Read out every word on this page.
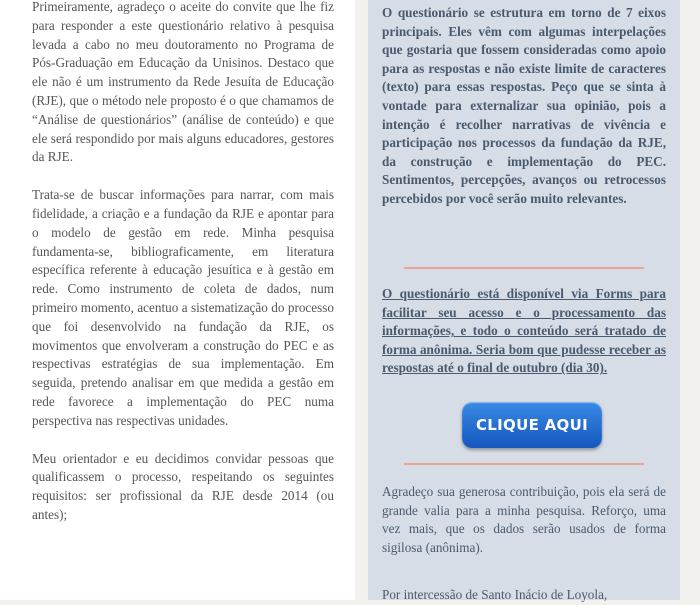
Primeiramente, agradeço o aceite do convite que lhe fiz para responder a este questionário relativo à pesquisa levada a cabo no meu doutoramento no Programa de Pós-Graduação em Educação da Unisinos. Destaco que ele não é um instrumento da Rede Jesuíta de Educação (RJE), que o método nele proposto é o que chamamos de “Análise de questionários” (análise de conteúdo) e que ele será respondido por mais alguns educadores, gestores da RJE.

Trata-se de buscar informações para narrar, com mais fidelidade, a criação e a fundação da RJE e apontar para o modelo de gestão em rede. Minha pesquisa fundamenta-se, bibliograficamente, em literatura específica referente à educação jesuítica e à gestão em rede. Como instrumento de coleta de dados, num primeiro momento, acentuo a sistematização do processo que foi desenvolvido na fundação da RJE, os movimentos que envolveram a construção do PEC e as respectivas estratégias de sua implementação. Em seguida, pretendo analisar em que medida a gestão em rede favorece a implementação do PEC numa perspectiva nas respectivas unidades.

Meu orientador e eu decidimos convidar pessoas que qualificassem o processo, respeitando os seguintes requisitos: ser profissional da RJE desde 2014 (ou antes);

O questionário se estrutura em torno de 7 eixos principais. Eles vêm com algumas interpelações que gostaria que fossem consideradas como apoio para as respostas e não existe limite de caracteres (texto) para essas respostas. Peço que se sinta à vontade para externalizar sua opinião, pois a intenção é recolher narrativas de vivência e participação nos processos da fundação da RJE, da construção e implementação do PEC. Sentimentos, percepções, avanços ou retrocessos percebidos por você serão muito relevantes.
O questionário está disponível via Forms para facilitar seu acesso e o processamento das informações, e todo o conteúdo será tratado de forma anônima. Seria bom que pudesse receber as respostas até o final de outubro (dia 30).
CLIQUE AQUI
Agradeço sua generosa contribuição, pois ela será de grande valia para a minha pesquisa. Reforço, uma vez mais, que os dados serão usados de forma sigilosa (anônima).
Por intercessão de Santo Inácio de Loyola,
